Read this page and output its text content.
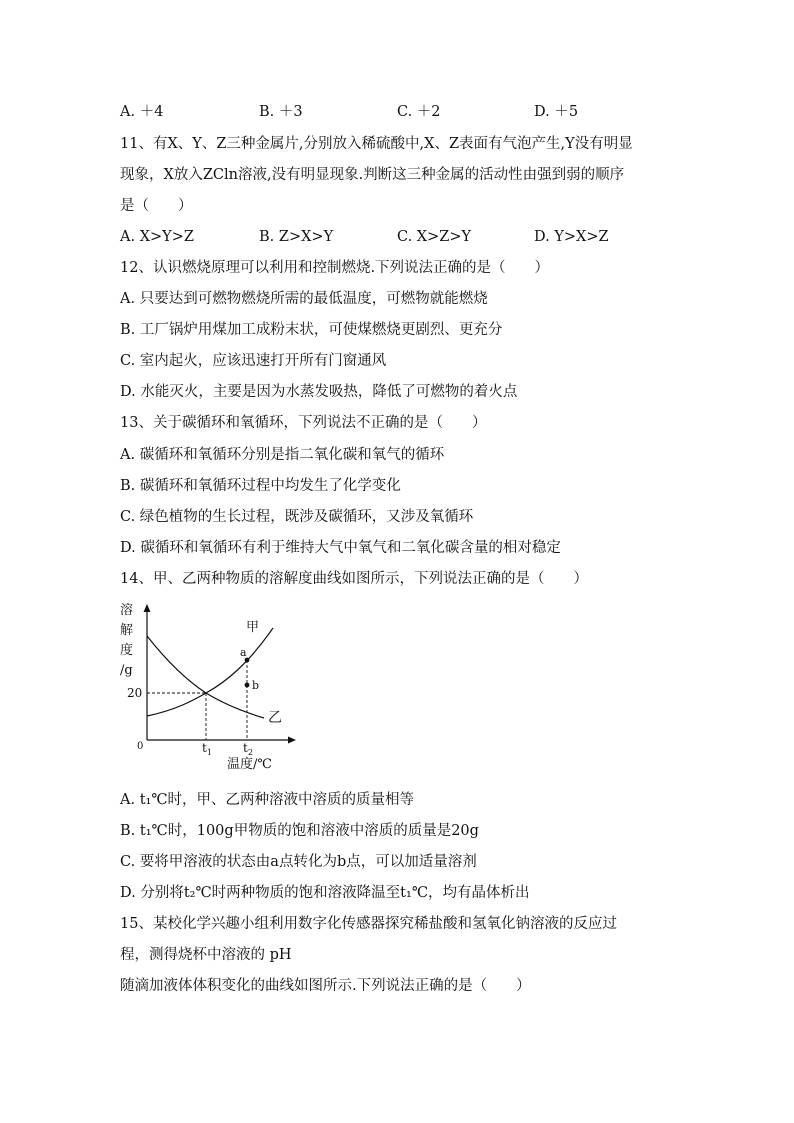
A. ＋4	B. ＋3	C. ＋2	D. ＋5
11、有X、Y、Z三种金属片,分别放入稀硫酸中,X、Z表面有气泡产生,Y没有明显
现象，X放入ZCln溶液,没有明显现象.判断这三种金属的活动性由强到弱的顺序
是（　　）
A. X>Y>Z	B. Z>X>Y	C. X>Z>Y	D. Y>X>Z
12、认识燃烧原理可以利用和控制燃烧.下列说法正确的是（　　）
A. 只要达到可燃物燃烧所需的最低温度，可燃物就能燃烧
B. 工厂锅炉用煤加工成粉末状，可使煤燃烧更剧烈、更充分
C. 室内起火，应该迅速打开所有门窗通风
D. 水能灭火，主要是因为水蒸发吸热，降低了可燃物的着火点
13、关于碳循环和氧循环，下列说法不正确的是（　　）
A. 碳循环和氧循环分别是指二氧化碳和氧气的循环
B. 碳循环和氧循环过程中均发生了化学变化
C. 绿色植物的生长过程，既涉及碳循环，又涉及氧循环
D. 碳循环和氧循环有利于维持大气中氧气和二氧化碳含量的相对稳定
14、甲、乙两种物质的溶解度曲线如图所示，下列说法正确的是（　　）
溶
解
度
/g
20
0	$t_1$	$t_2$
温度/℃
甲
乙
a
b
A. t₁℃时，甲、乙两种溶液中溶质的质量相等
B. t₁℃时，100g甲物质的饱和溶液中溶质的质量是20g
C. 要将甲溶液的状态由a点转化为b点，可以加适量溶剂
D. 分别将t₂℃时两种物质的饱和溶液降温至t₁℃，均有晶体析出
15、某校化学兴趣小组利用数字化传感器探究稀盐酸和氢氧化钠溶液的反应过
程，测得烧杯中溶液的 pH
随滴加液体体积变化的曲线如图所示.下列说法正确的是（　　）
